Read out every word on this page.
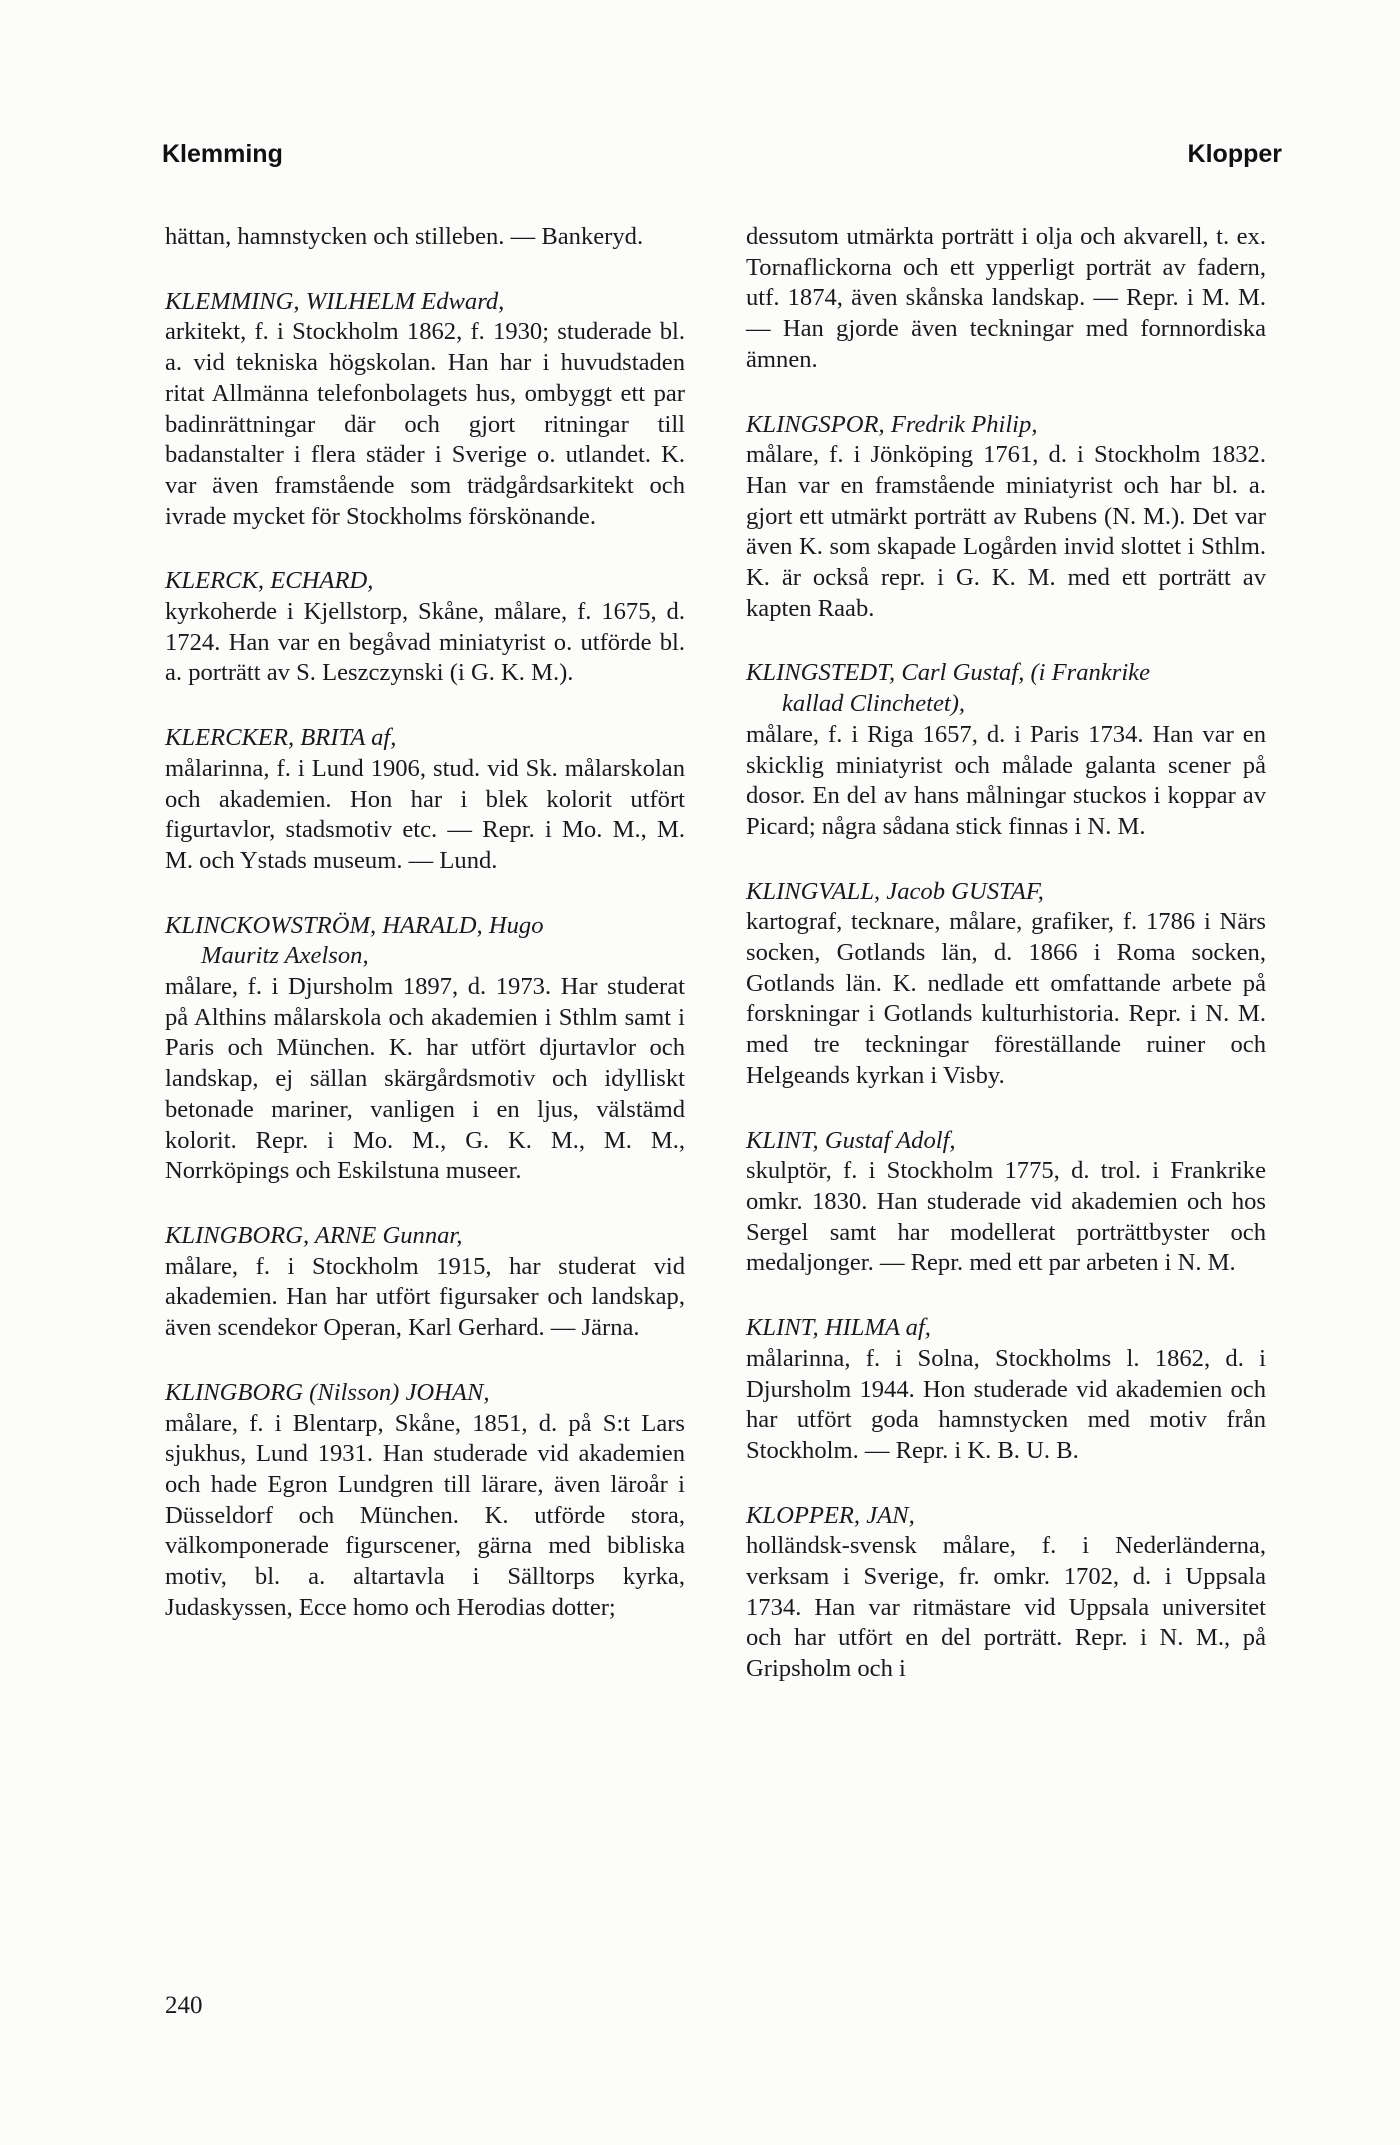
Klemming	Klopper

hättan, hamnstycken och stilleben. — Bankeryd.

KLEMMING, WILHELM Edward,

arkitekt, f. i Stockholm 1862, f. 1930; studerade bl. a. vid tekniska högskolan. Han har i huvudstaden ritat Allmänna telefonbolagets hus, ombyggt ett par badinrättningar där och gjort ritningar till badanstalter i flera städer i Sverige o. utlandet. K. var även framstående som trädgårdsarkitekt och ivrade mycket för Stockholms förskönande.

KLERCK, ECHARD,

kyrkoherde i Kjellstorp, Skåne, målare, f. 1675, d. 1724. Han var en begåvad miniatyrist o. utförde bl. a. porträtt av S. Leszczynski (i G. K. M.).

KLERCKER, BRITA af,

målarinna, f. i Lund 1906, stud. vid Sk. målarskolan och akademien. Hon har i blek kolorit utfört figurtavlor, stadsmotiv etc. — Repr. i Mo. M., M. M. och Ystads museum. — Lund.

KLINCKOWSTRÖM, HARALD, Hugo
Mauritz Axelson,

målare, f. i Djursholm 1897, d. 1973. Har studerat på Althins målarskola och akademien i Sthlm samt i Paris och München. K. har utfört djurtavlor och landskap, ej sällan skärgårdsmotiv och idylliskt betonade mariner, vanligen i en ljus, välstämd kolorit. Repr. i Mo. M., G. K. M., M. M., Norrköpings och Eskilstuna museer.

KLINGBORG, ARNE Gunnar,

målare, f. i Stockholm 1915, har studerat vid akademien. Han har utfört figursaker och landskap, även scendekor Operan, Karl Gerhard. — Järna.

KLINGBORG (Nilsson) JOHAN,

målare, f. i Blentarp, Skåne, 1851, d. på S:t Lars sjukhus, Lund 1931. Han studerade vid akademien och hade Egron Lundgren till lärare, även läroår i Düsseldorf och München. K. utförde stora, välkomponerade figurscener, gärna med bibliska motiv, bl. a. altartavla i Sälltorps kyrka, Judaskyssen, Ecce homo och Herodias dotter;

dessutom utmärkta porträtt i olja och akvarell, t. ex. Tornaflickorna och ett ypperligt porträt av fadern, utf. 1874, även skånska landskap. — Repr. i M. M. — Han gjorde även teckningar med fornnordiska ämnen.

KLINGSPOR, Fredrik Philip,

målare, f. i Jönköping 1761, d. i Stockholm 1832. Han var en framstående miniatyrist och har bl. a. gjort ett utmärkt porträtt av Rubens (N. M.). Det var även K. som skapade Logården invid slottet i Sthlm. K. är också repr. i G. K. M. med ett porträtt av kapten Raab.

KLINGSTEDT, Carl Gustaf, (i Frankrike
kallad Clinchetet),

målare, f. i Riga 1657, d. i Paris 1734. Han var en skicklig miniatyrist och målade galanta scener på dosor. En del av hans målningar stuckos i koppar av Picard; några sådana stick finnas i N. M.

KLINGVALL, Jacob GUSTAF,

kartograf, tecknare, målare, grafiker, f. 1786 i Närs socken, Gotlands län, d. 1866 i Roma socken, Gotlands län. K. nedlade ett omfattande arbete på forskningar i Gotlands kulturhistoria. Repr. i N. M. med tre teckningar föreställande ruiner och Helgeands kyrkan i Visby.

KLINT, Gustaf Adolf,

skulptör, f. i Stockholm 1775, d. trol. i Frankrike omkr. 1830. Han studerade vid akademien och hos Sergel samt har modellerat porträttbyster och medaljonger. — Repr. med ett par arbeten i N. M.

KLINT, HILMA af,

målarinna, f. i Solna, Stockholms l. 1862, d. i Djursholm 1944. Hon studerade vid akademien och har utfört goda hamnstycken med motiv från Stockholm. — Repr. i K. B. U. B.

KLOPPER, JAN,

holländsk-svensk målare, f. i Nederländerna, verksam i Sverige, fr. omkr. 1702, d. i Uppsala 1734. Han var ritmästare vid Uppsala universitet och har utfört en del porträtt. Repr. i N. M., på Gripsholm och i

240
